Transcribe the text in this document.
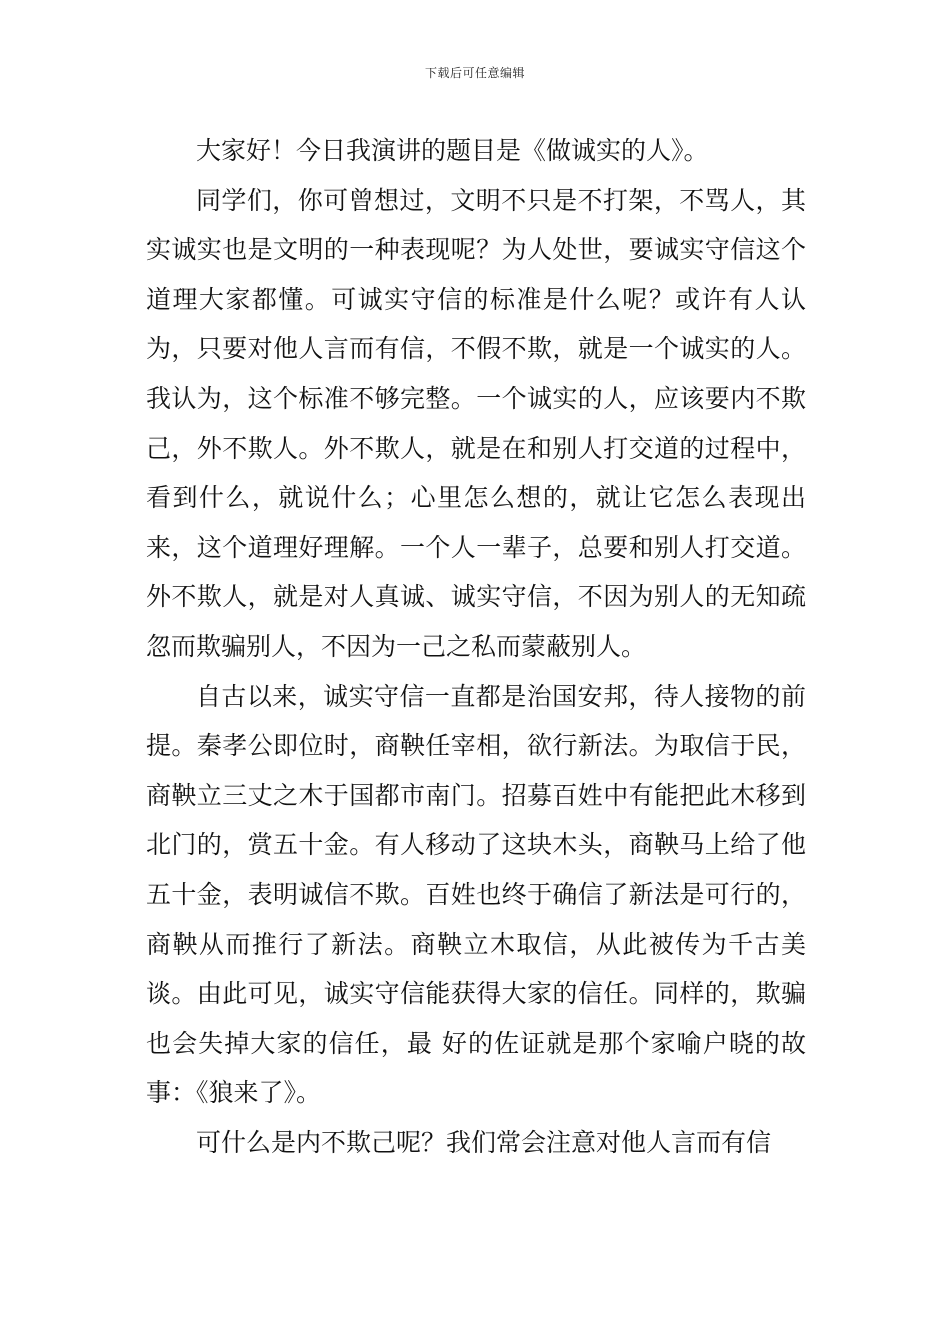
下载后可任意编辑

大家好！今日我演讲的题目是《做诚实的人》。

同学们，你可曾想过，文明不只是不打架，不骂人，其实诚实也是文明的一种表现呢？为人处世，要诚实守信这个道理大家都懂。可诚实守信的标准是什么呢？或许有人认为，只要对他人言而有信，不假不欺，就是一个诚实的人。我认为，这个标准不够完整。一个诚实的人，应该要内不欺己，外不欺人。外不欺人，就是在和别人打交道的过程中，看到什么，就说什么；心里怎么想的，就让它怎么表现出来，这个道理好理解。一个人一辈子，总要和别人打交道。外不欺人，就是对人真诚、诚实守信，不因为别人的无知疏忽而欺骗别人，不因为一己之私而蒙蔽别人。

自古以来，诚实守信一直都是治国安邦，待人接物的前提。秦孝公即位时，商鞅任宰相，欲行新法。为取信于民，商鞅立三丈之木于国都市南门。招募百姓中有能把此木移到北门的，赏五十金。有人移动了这块木头，商鞅马上给了他五十金，表明诚信不欺。百姓也终于确信了新法是可行的，商鞅从而推行了新法。商鞅立木取信，从此被传为千古美谈。由此可见，诚实守信能获得大家的信任。同样的，欺骗也会失掉大家的信任，最 好的佐证就是那个家喻户晓的故事：《狼来了》。

可什么是内不欺己呢？我们常会注意对他人言而有信
